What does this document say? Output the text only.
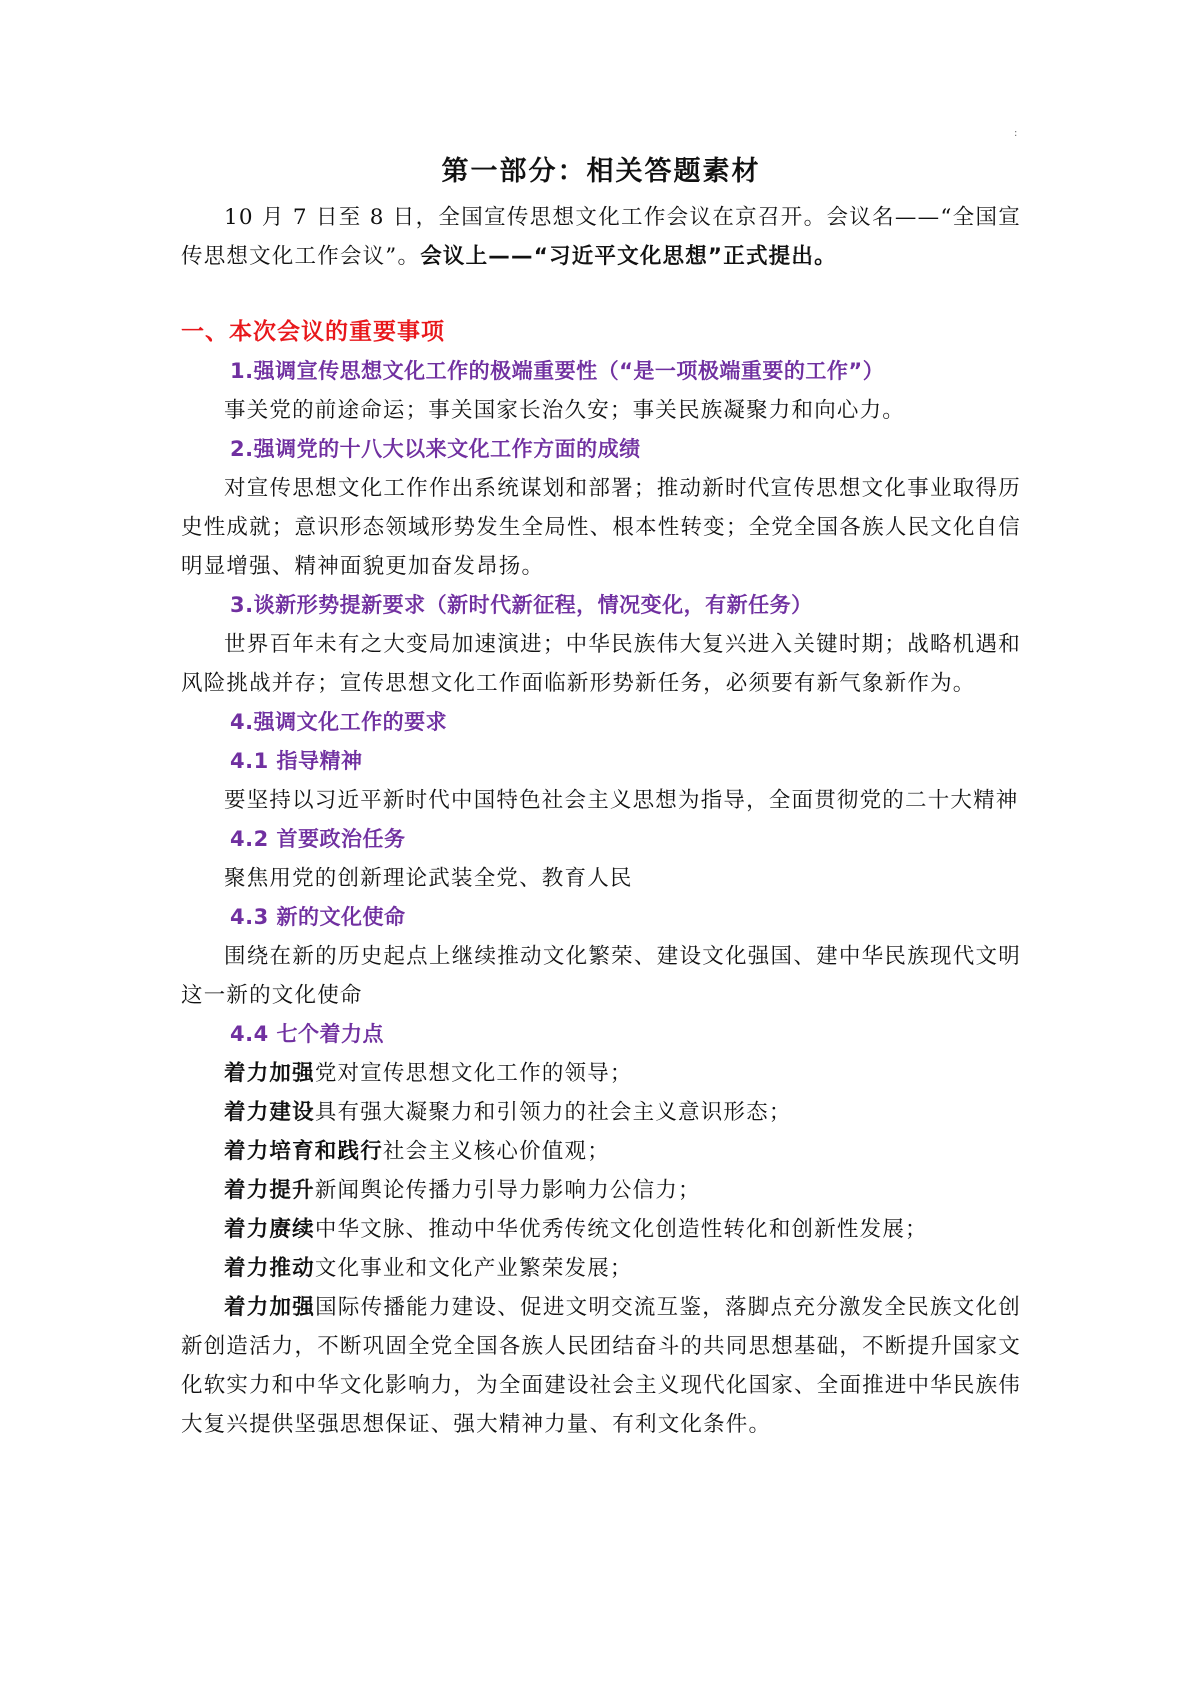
:
第一部分：相关答题素材

10 月 7 日至 8 日，全国宣传思想文化工作会议在京召开。会议名——“全国宣传思想文化工作会议”。会议上——“习近平文化思想”正式提出。

一、本次会议的重要事项
1.强调宣传思想文化工作的极端重要性（“是一项极端重要的工作”）

事关党的前途命运；事关国家长治久安；事关民族凝聚力和向心力。

2.强调党的十八大以来文化工作方面的成绩

对宣传思想文化工作作出系统谋划和部署；推动新时代宣传思想文化事业取得历史性成就；意识形态领域形势发生全局性、根本性转变；全党全国各族人民文化自信明显增强、精神面貌更加奋发昂扬。

3.谈新形势提新要求（新时代新征程，情况变化，有新任务）

世界百年未有之大变局加速演进；中华民族伟大复兴进入关键时期；战略机遇和风险挑战并存；宣传思想文化工作面临新形势新任务，必须要有新气象新作为。

4.强调文化工作的要求
4.1 指导精神

要坚持以习近平新时代中国特色社会主义思想为指导，全面贯彻党的二十大精神

4.2 首要政治任务

聚焦用党的创新理论武装全党、教育人民

4.3 新的文化使命

围绕在新的历史起点上继续推动文化繁荣、建设文化强国、建中华民族现代文明这一新的文化使命

4.4 七个着力点

着力加强党对宣传思想文化工作的领导；

着力建设具有强大凝聚力和引领力的社会主义意识形态；

着力培育和践行社会主义核心价值观；

着力提升新闻舆论传播力引导力影响力公信力；

着力赓续中华文脉、推动中华优秀传统文化创造性转化和创新性发展；

着力推动文化事业和文化产业繁荣发展；

着力加强国际传播能力建设、促进文明交流互鉴，落脚点充分激发全民族文化创新创造活力，不断巩固全党全国各族人民团结奋斗的共同思想基础，不断提升国家文化软实力和中华文化影响力，为全面建设社会主义现代化国家、全面推进中华民族伟大复兴提供坚强思想保证、强大精神力量、有利文化条件。
